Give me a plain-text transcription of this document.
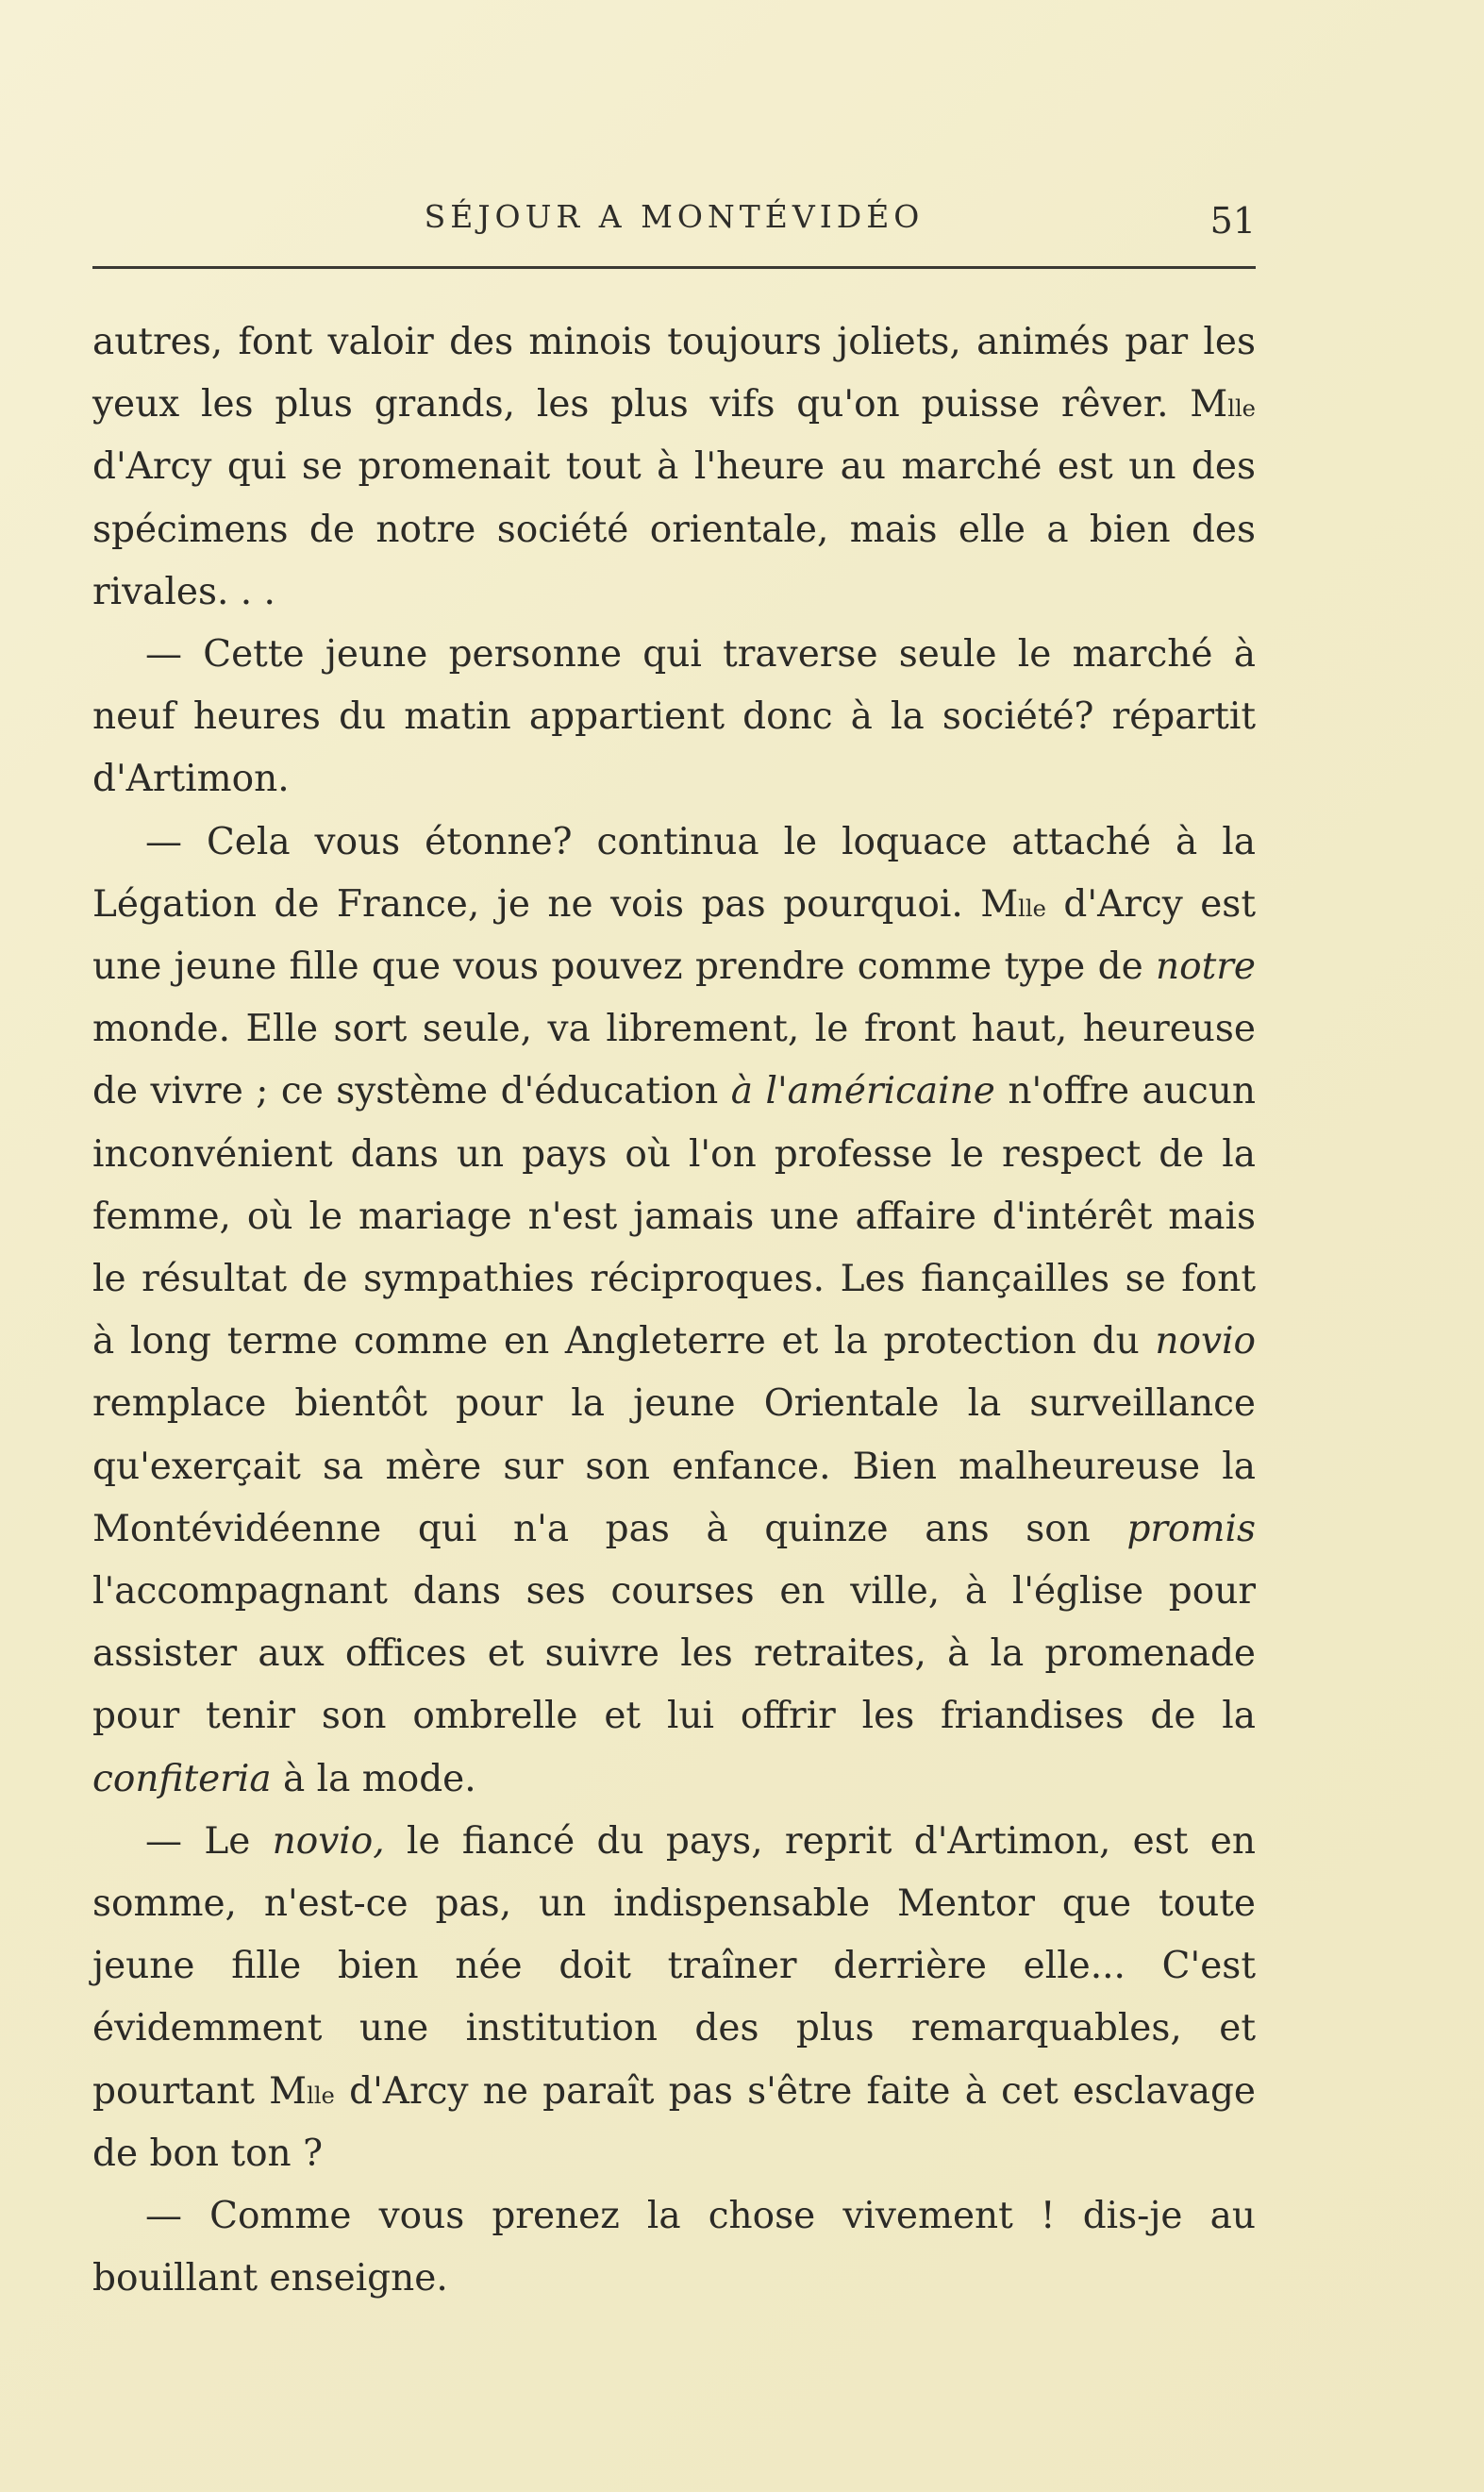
SÉJOUR A MONTÉVIDÉO	51

autres, font valoir des minois toujours joliets, animés par les yeux les plus grands, les plus vifs qu'on puisse rêver. $M^{lle}$ d'Arcy qui se promenait tout à l'heure au marché est un des spécimens de notre société orientale, mais elle a bien des rivales. . .

— Cette jeune personne qui traverse seule le marché à neuf heures du matin appartient donc à la société? répartit d'Artimon.

— Cela vous étonne? continua le loquace attaché à la Légation de France, je ne vois pas pourquoi. $M^{lle}$ d'Arcy est une jeune fille que vous pouvez prendre comme type de notre monde. Elle sort seule, va librement, le front haut, heureuse de vivre ; ce système d'éducation à l'américaine n'offre aucun inconvénient dans un pays où l'on professe le respect de la femme, où le mariage n'est jamais une affaire d'intérêt mais le résultat de sympathies réciproques. Les fiançailles se font à long terme comme en Angleterre et la protection du novio remplace bientôt pour la jeune Orientale la surveillance qu'exerçait sa mère sur son enfance. Bien malheureuse la Montévidéenne qui n'a pas à quinze ans son promis l'accompagnant dans ses courses en ville, à l'église pour assister aux offices et suivre les retraites, à la promenade pour tenir son ombrelle et lui offrir les friandises de la confiteria à la mode.

— Le novio, le fiancé du pays, reprit d'Artimon, est en somme, n'est-ce pas, un indispensable Mentor que toute jeune fille bien née doit traîner derrière elle... C'est évidemment une institution des plus remarquables, et pourtant $M^{lle}$ d'Arcy ne paraît pas s'être faite à cet esclavage de bon ton ?

— Comme vous prenez la chose vivement ! dis-je au bouillant enseigne.
